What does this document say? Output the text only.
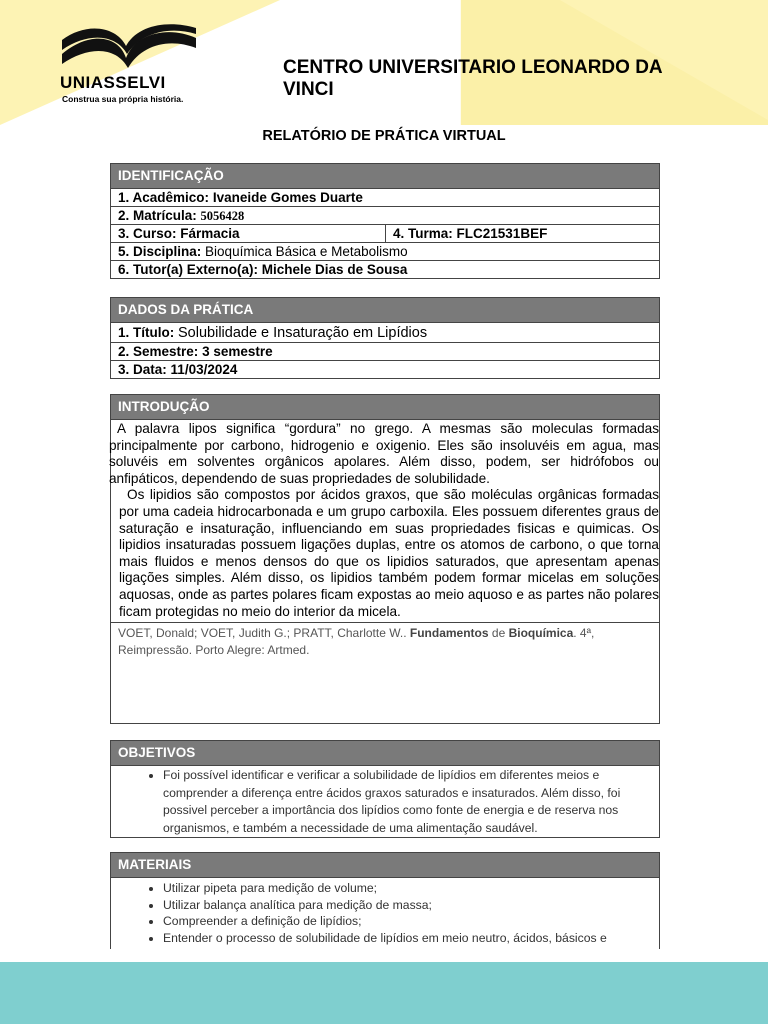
UNIASSELVI
Construa sua própria história.
CENTRO UNIVERSITARIO LEONARDO DA VINCI
RELATÓRIO DE PRÁTICA VIRTUAL
IDENTIFICAÇÃO
1. Acadêmico: Ivaneide Gomes Duarte
2. Matrícula: 5056428
3. Curso: Fármacia	4. Turma: FLC21531BEF
5. Disciplina: Bioquímica Básica e Metabolismo
6. Tutor(a) Externo(a): Michele Dias de Sousa
DADOS DA PRÁTICA
1. Título: Solubilidade e Insaturação em Lipídios
2. Semestre: 3 semestre
3. Data: 11/03/2024
INTRODUÇÃO
A palavra lipos significa “gordura” no grego. A mesmas são moleculas formadas principalmente por carbono, hidrogenio e oxigenio. Eles são insoluvéis em agua, mas soluvéis em solventes orgânicos apolares. Além disso, podem, ser hidrófobos ou anfipáticos, dependendo de suas propriedades de solubilidade.
Os lipidios são compostos por ácidos graxos, que são moléculas orgânicas formadas por uma cadeia hidrocarbonada e um grupo carboxila. Eles possuem diferentes graus de saturação e insaturação, influenciando em suas propriedades fisicas e quimicas. Os lipidios insaturadas possuem ligações duplas, entre os atomos de carbono, o que torna mais fluidos e menos densos do que os lipidios saturados, que apresentam apenas ligações simples. Além disso, os lipidios também podem formar micelas em soluções aquosas, onde as partes polares ficam expostas ao meio aquoso e as partes não polares ficam protegidas no meio do interior da micela.
VOET, Donald; VOET, Judith G.; PRATT, Charlotte W.. Fundamentos de Bioquímica. 4ª, Reimpressão. Porto Alegre: Artmed.
OBJETIVOS
• Foi possível identificar e verificar a solubilidade de lipídios em diferentes meios e comprender a diferença entre ácidos graxos saturados e insaturados. Além disso, foi possivel perceber a importância dos lipídios como fonte de energia e de reserva nos organismos, e também a necessidade de uma alimentação saudável.
MATERIAIS
• Utilizar pipeta para medição de volume;
• Utilizar balança analítica para medição de massa;
• Compreender a definição de lipídios;
• Entender o processo de solubilidade de lipídios em meio neutro, ácidos, básicos e
